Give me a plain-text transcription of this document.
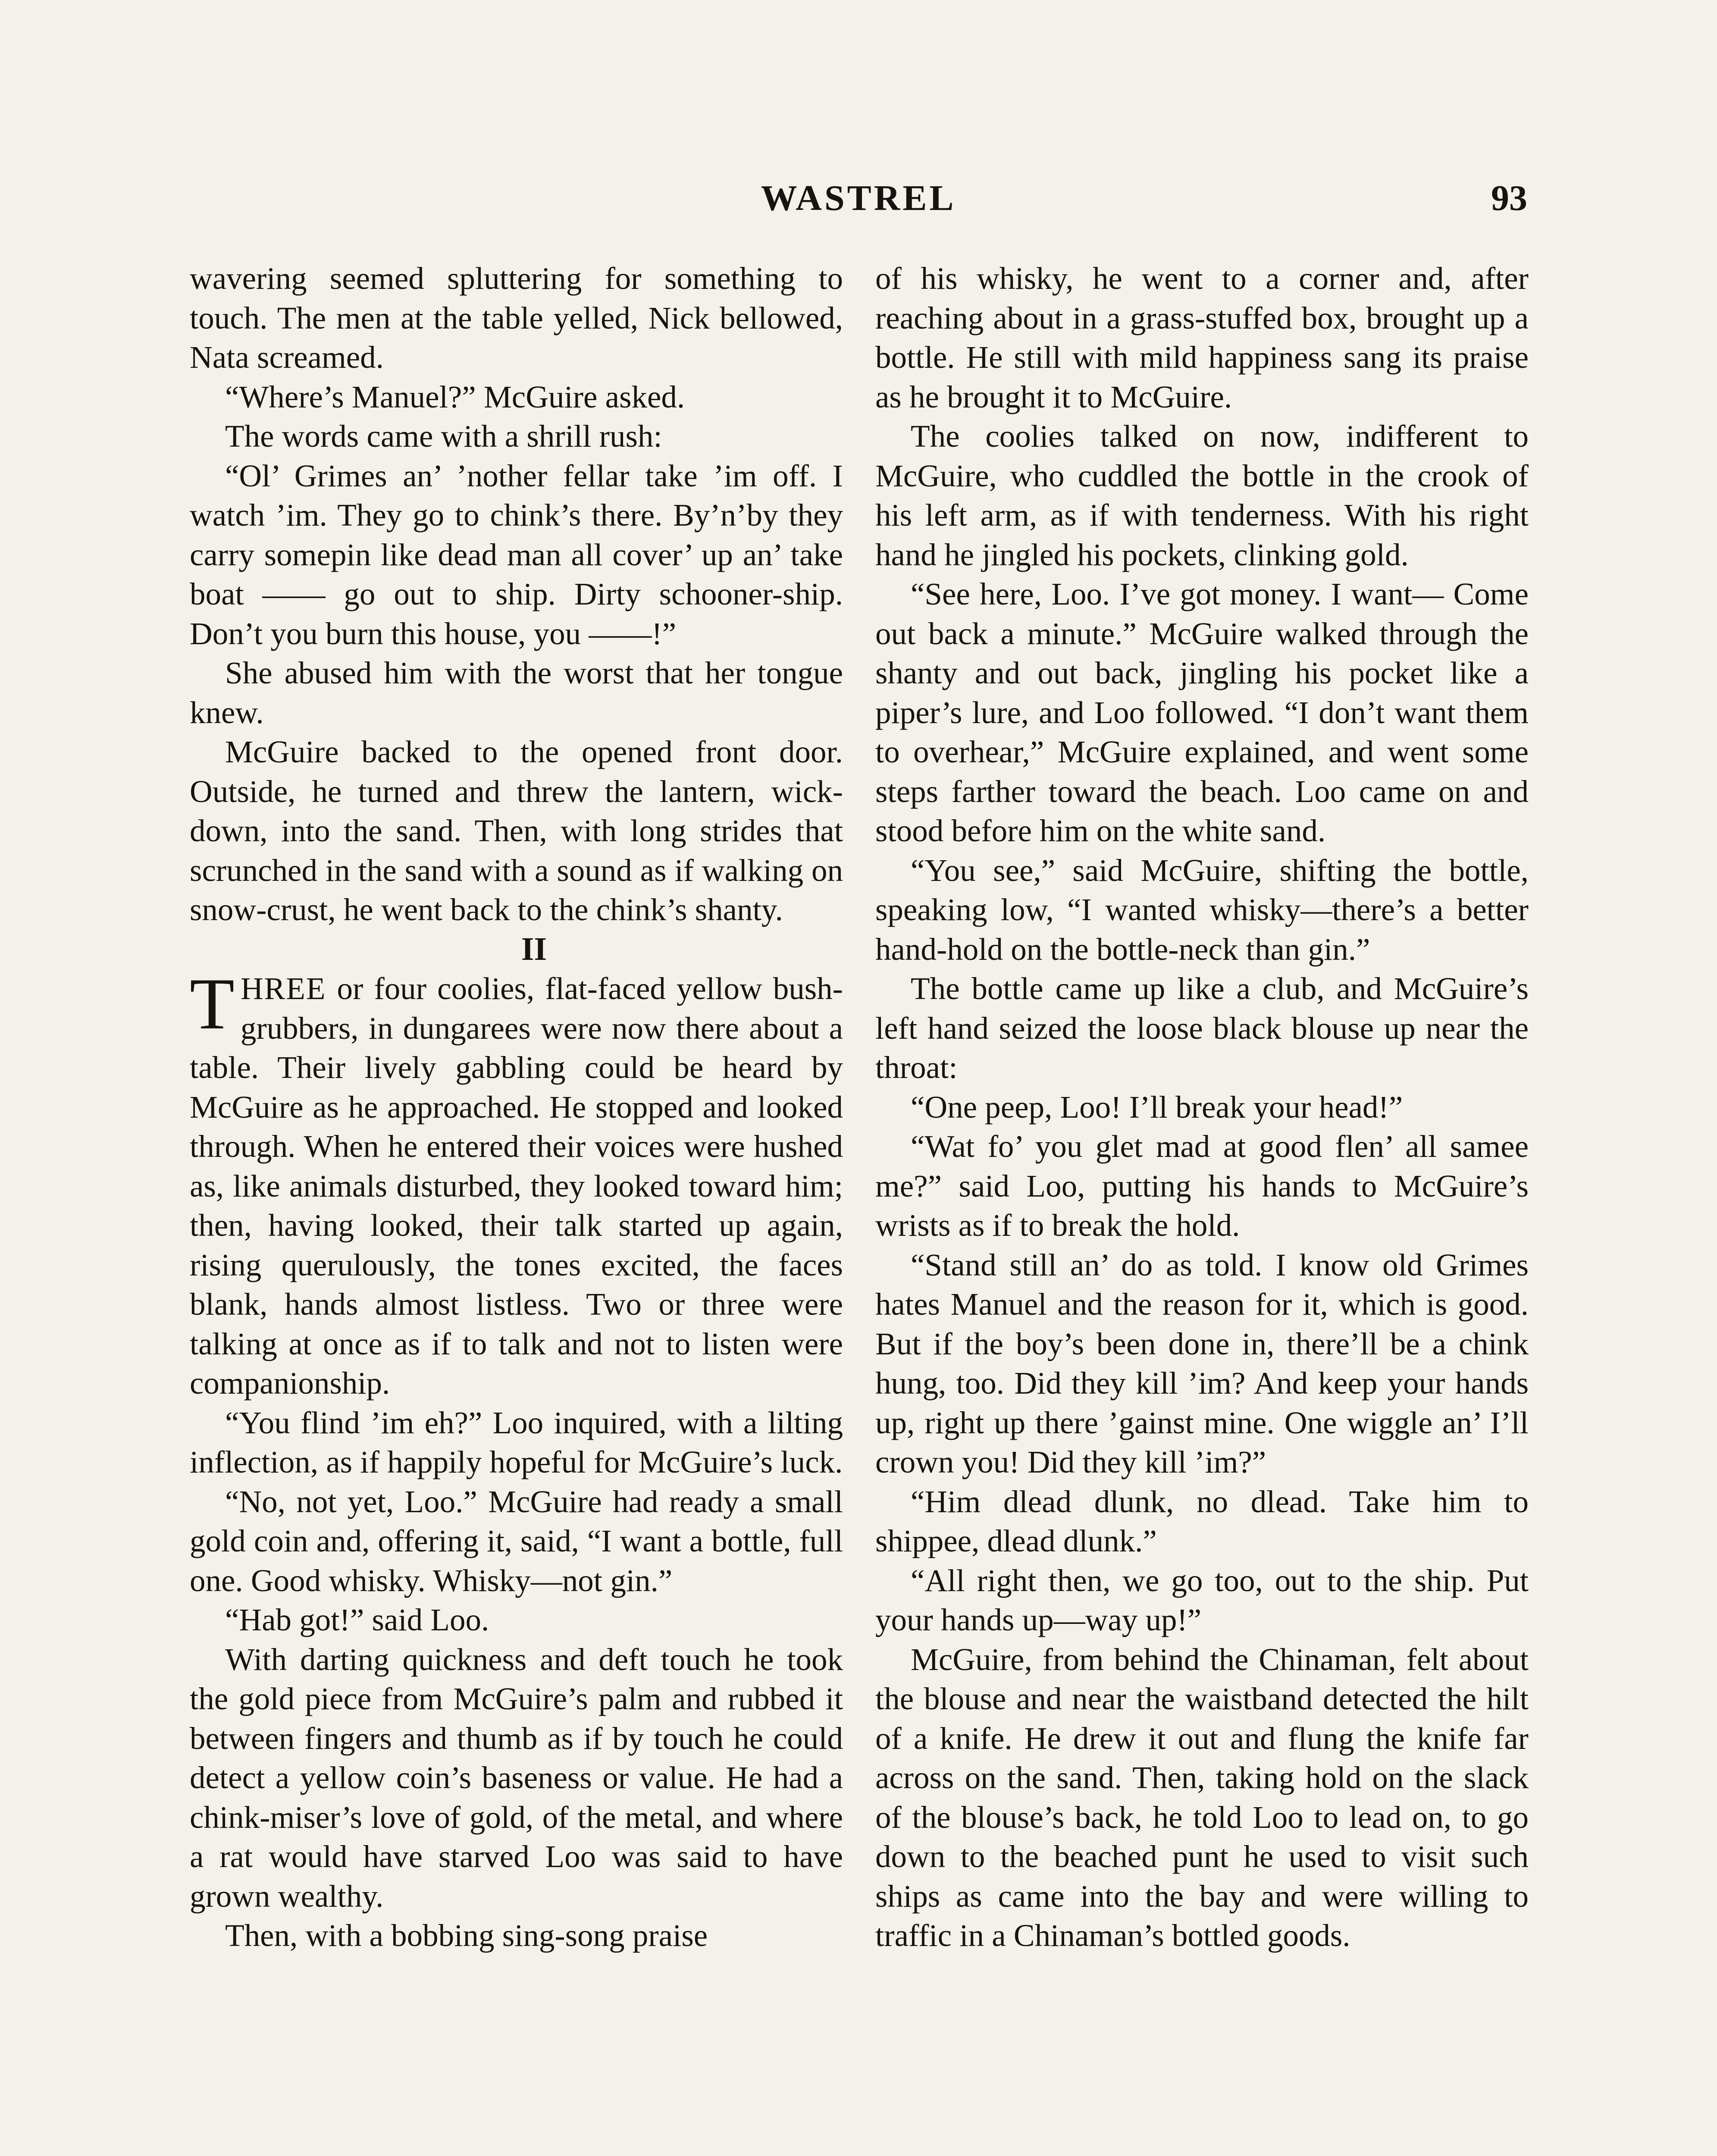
WASTREL	93

wavering seemed spluttering for something to touch. The men at the table yelled, Nick bellowed, Nata screamed.

“Where’s Manuel?” McGuire asked.

The words came with a shrill rush:

“Ol’ Grimes an’ ’nother fellar take ’im off. I watch ’im. They go to chink’s there. By’n’by they carry somepin like dead man all cover’ up an’ take boat —— go out to ship. Dirty schooner-ship. Don’t you burn this house, you ——!”

She abused him with the worst that her tongue knew.

McGuire backed to the opened front door. Outside, he turned and threw the lantern, wick-down, into the sand. Then, with long strides that scrunched in the sand with a sound as if walking on snow-crust, he went back to the chink’s shanty.

II

THREE or four coolies, flat-faced yellow bush-grubbers, in dungarees were now there about a table. Their lively gabbling could be heard by McGuire as he approached. He stopped and looked through. When he entered their voices were hushed as, like animals disturbed, they looked toward him; then, having looked, their talk started up again, rising querulously, the tones excited, the faces blank, hands almost listless. Two or three were talking at once as if to talk and not to listen were companionship.

“You flind ’im eh?” Loo inquired, with a lilting inflection, as if happily hopeful for McGuire’s luck.

“No, not yet, Loo.” McGuire had ready a small gold coin and, offering it, said, “I want a bottle, full one. Good whisky. Whisky—not gin.”

“Hab got!” said Loo.

With darting quickness and deft touch he took the gold piece from McGuire’s palm and rubbed it between fingers and thumb as if by touch he could detect a yellow coin’s baseness or value. He had a chink-miser’s love of gold, of the metal, and where a rat would have starved Loo was said to have grown wealthy.

Then, with a bobbing sing-song praise

of his whisky, he went to a corner and, after reaching about in a grass-stuffed box, brought up a bottle. He still with mild happiness sang its praise as he brought it to McGuire.

The coolies talked on now, indifferent to McGuire, who cuddled the bottle in the crook of his left arm, as if with tenderness. With his right hand he jingled his pockets, clinking gold.

“See here, Loo. I’ve got money. I want— Come out back a minute.” McGuire walked through the shanty and out back, jingling his pocket like a piper’s lure, and Loo followed. “I don’t want them to overhear,” McGuire explained, and went some steps farther toward the beach. Loo came on and stood before him on the white sand.

“You see,” said McGuire, shifting the bottle, speaking low, “I wanted whisky—there’s a better hand-hold on the bottle-neck than gin.”

The bottle came up like a club, and McGuire’s left hand seized the loose black blouse up near the throat:

“One peep, Loo! I’ll break your head!”

“Wat fo’ you glet mad at good flen’ all samee me?” said Loo, putting his hands to McGuire’s wrists as if to break the hold.

“Stand still an’ do as told. I know old Grimes hates Manuel and the reason for it, which is good. But if the boy’s been done in, there’ll be a chink hung, too. Did they kill ’im? And keep your hands up, right up there ’gainst mine. One wiggle an’ I’ll crown you! Did they kill ’im?”

“Him dlead dlunk, no dlead. Take him to shippee, dlead dlunk.”

“All right then, we go too, out to the ship. Put your hands up—way up!”

McGuire, from behind the Chinaman, felt about the blouse and near the waistband detected the hilt of a knife. He drew it out and flung the knife far across on the sand. Then, taking hold on the slack of the blouse’s back, he told Loo to lead on, to go down to the beached punt he used to visit such ships as came into the bay and were willing to traffic in a Chinaman’s bottled goods.
